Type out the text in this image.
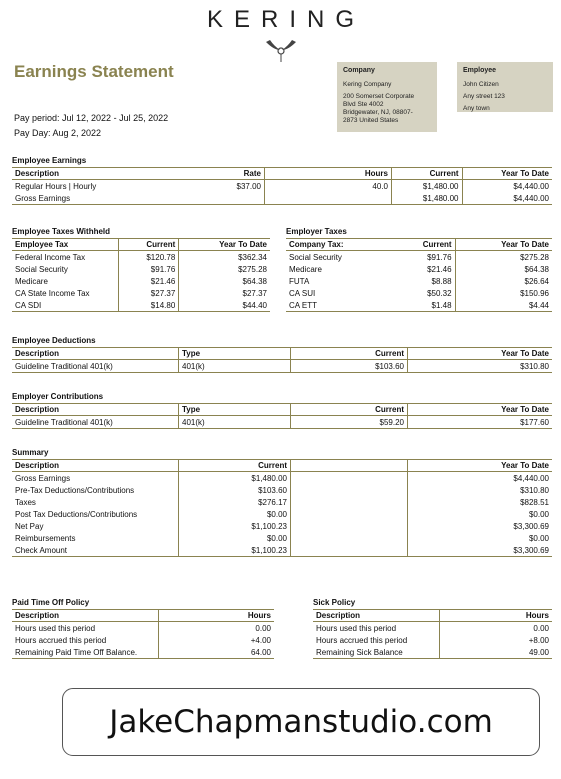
KERING
Earnings Statement	Company
Kering Company
200 Somerset Corporate
Blvd Ste 4002
Bridgewater, NJ, 08807-
2873 United States
Employee
John Citizen
Any street 123
Any town
Pay period: Jul 12, 2022 - Jul 25, 2022
Pay Day: Aug 2, 2022
Employee Earnings
Description	Rate	Hours	Current	Year To Date
Regular Hours | Hourly	$37.00	40.0	$1,480.00	$4,440.00
Gross Earnings			$1,480.00	$4,440.00
Employee Taxes Withheld
Employee Tax	Current	Year To Date
Federal Income Tax	$120.78	$362.34
Social Security	$91.76	$275.28
Medicare	$21.46	$64.38
CA State Income Tax	$27.37	$27.37
CA SDI	$14.80	$44.40
Employer Taxes
Company Tax:	Current	Year To Date
Social Security	$91.76	$275.28
Medicare	$21.46	$64.38
FUTA	$8.88	$26.64
CA SUI	$50.32	$150.96
CA ETT	$1.48	$4.44
Employee Deductions
Description	Type	Current	Year To Date
Guideline Traditional 401(k)	401(k)	$103.60	$310.80
Employer Contributions
Description	Type	Current	Year To Date
Guideline Traditional 401(k)	401(k)	$59.20	$177.60
Summary
Description	Current		Year To Date
Gross Earnings	$1,480.00		$4,440.00
Pre-Tax Deductions/Contributions	$103.60		$310.80
Taxes	$276.17		$828.51
Post Tax Deductions/Contributions	$0.00		$0.00
Net Pay	$1,100.23		$3,300.69
Reimbursements	$0.00		$0.00
Check Amount	$1,100.23		$3,300.69
Paid Time Off Policy
Description	Hours
Hours used this period	0.00
Hours accrued this period	+4.00
Remaining Paid Time Off Balance.	64.00
Sick Policy
Description	Hours
Hours used this period	0.00
Hours accrued this period	+8.00
Remaining Sick Balance	49.00
JakeChapmanstudio.com
